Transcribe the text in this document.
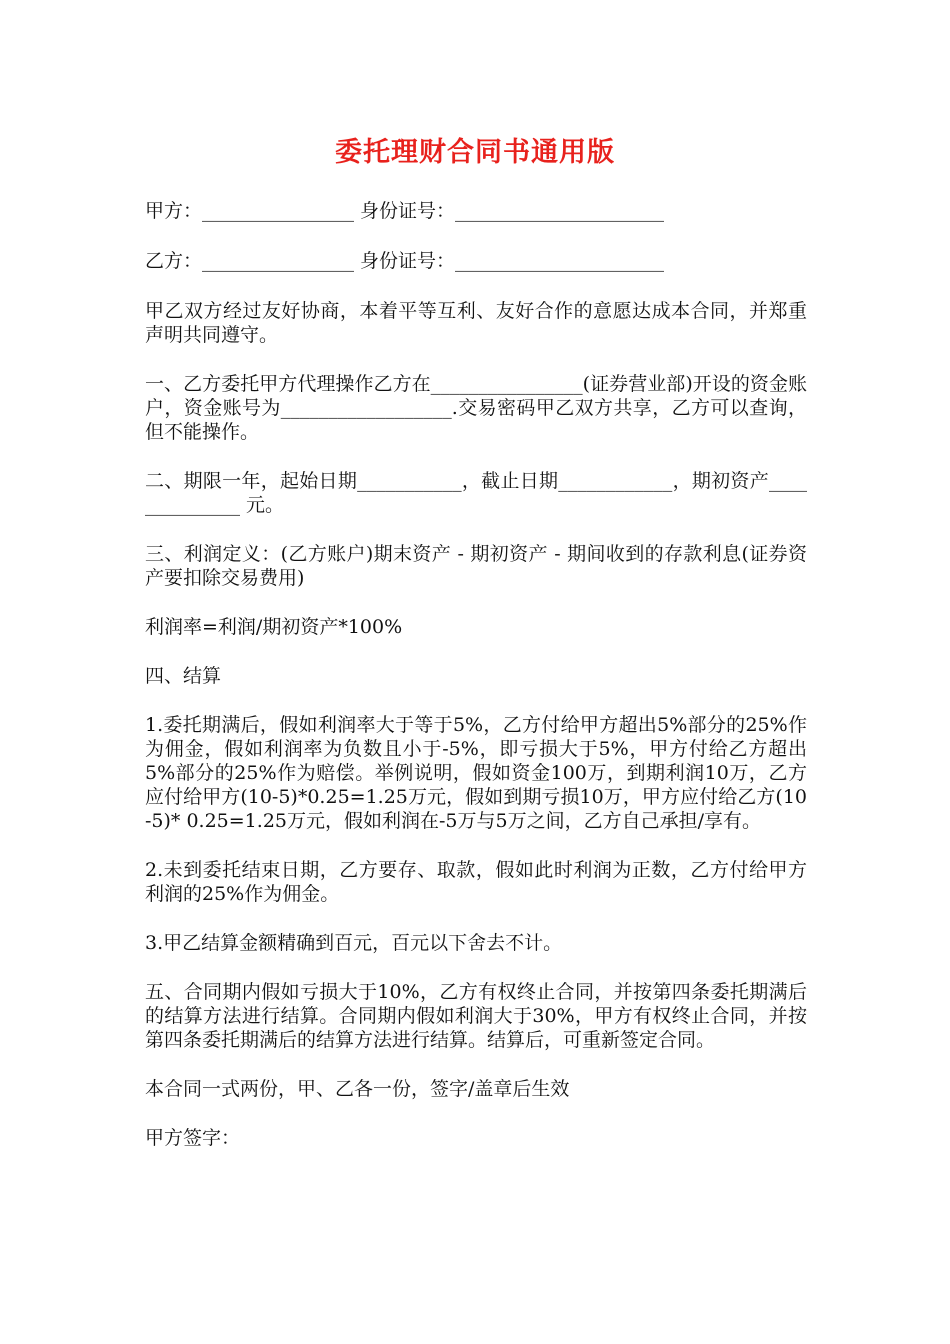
委托理财合同书通用版

甲方：________________ 身份证号：______________________

乙方：________________ 身份证号：______________________

甲乙双方经过友好协商，本着平等互利、友好合作的意愿达成本合同，并郑重声明共同遵守。

一、乙方委托甲方代理操作乙方在________________(证券营业部)开设的资金账户，资金账号为__________________.交易密码甲乙双方共享，乙方可以查询，但不能操作。

二、期限一年，起始日期___________，截止日期____________，期初资产______________ 元。

三、利润定义：(乙方账户)期末资产 - 期初资产 - 期间收到的存款利息(证券资产要扣除交易费用)

利润率=利润/期初资产*100%

四、结算

1.委托期满后，假如利润率大于等于5%，乙方付给甲方超出5%部分的25%作为佣金，假如利润率为负数且小于-5%，即亏损大于5%，甲方付给乙方超出5%部分的25%作为赔偿。举例说明，假如资金100万，到期利润10万，乙方应付给甲方(10-5)*0.25=1.25万元，假如到期亏损10万，甲方应付给乙方(10-5)* 0.25=1.25万元，假如利润在-5万与5万之间，乙方自己承担/享有。

2.未到委托结束日期，乙方要存、取款，假如此时利润为正数，乙方付给甲方利润的25%作为佣金。

3.甲乙结算金额精确到百元，百元以下舍去不计。

五、合同期内假如亏损大于10%，乙方有权终止合同，并按第四条委托期满后的结算方法进行结算。合同期内假如利润大于30%，甲方有权终止合同，并按第四条委托期满后的结算方法进行结算。结算后，可重新签定合同。

本合同一式两份，甲、乙各一份，签字/盖章后生效

甲方签字：
